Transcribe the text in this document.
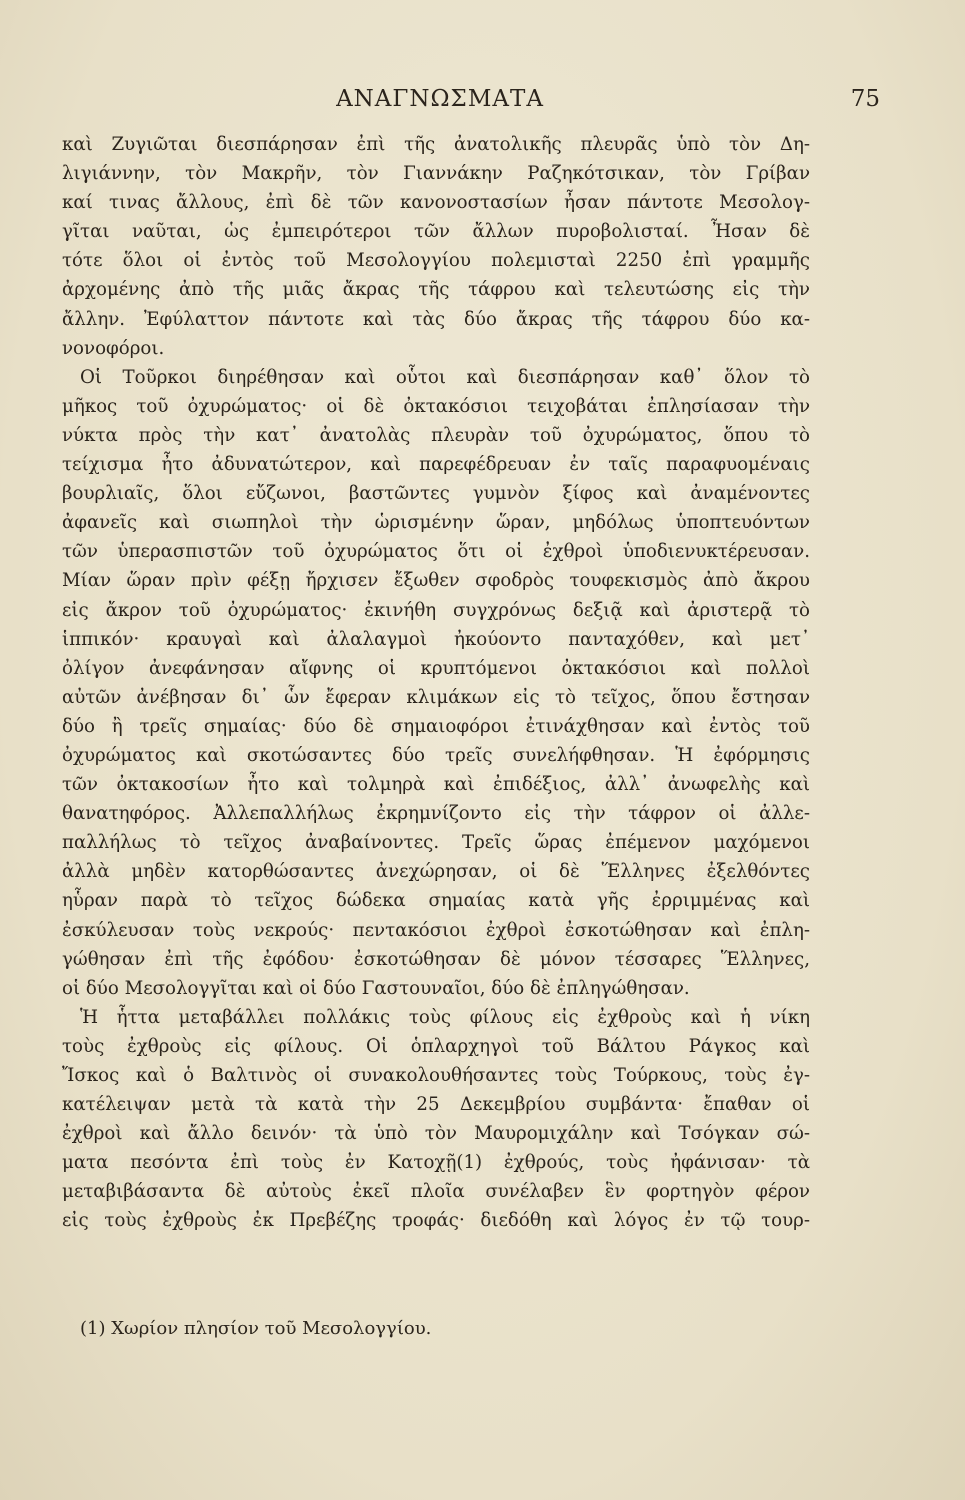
ΑΝΑΓΝΩΣΜΑΤΑ	75
καὶ Ζυγιῶται διεσπάρησαν ἐπὶ τῆς ἀνατολικῆς πλευρᾶς ὑπὸ τὸν Δη-
λιγιάννην, τὸν Μακρῆν, τὸν Γιαννάκην Ραζηκότσικαν, τὸν Γρίβαν
καί τινας ἄλλους, ἐπὶ δὲ τῶν κανονοστασίων ἦσαν πάντοτε Μεσολογ-
γῖται ναῦται, ὡς ἐμπειρότεροι τῶν ἄλλων πυροβολισταί. Ἦσαν δὲ
τότε ὅλοι οἱ ἐντὸς τοῦ Μεσολογγίου πολεμισταὶ 2250 ἐπὶ γραμμῆς
ἀρχομένης ἀπὸ τῆς μιᾶς ἄκρας τῆς τάφρου καὶ τελευτώσης εἰς τὴν
ἄλλην. Ἐφύλαττον πάντοτε καὶ τὰς δύο ἄκρας τῆς τάφρου δύο κα-
νονοφόροι.
Οἱ Τοῦρκοι διηρέθησαν καὶ οὗτοι καὶ διεσπάρησαν καθ᾽ ὅλον τὸ
μῆκος τοῦ ὀχυρώματος· οἱ δὲ ὀκτακόσιοι τειχοβάται ἐπλησίασαν τὴν
νύκτα πρὸς τὴν κατ᾽ ἀνατολὰς πλευρὰν τοῦ ὀχυρώματος, ὅπου τὸ
τείχισμα ἦτο ἀδυνατώτερον, καὶ παρεφέδρευαν ἐν ταῖς παραφυομέναις
βουρλιαῖς, ὅλοι εὔζωνοι, βαστῶντες γυμνὸν ξίφος καὶ ἀναμένοντες
ἀφανεῖς καὶ σιωπηλοὶ τὴν ὡρισμένην ὥραν, μηδόλως ὑποπτευόντων
τῶν ὑπερασπιστῶν τοῦ ὀχυρώματος ὅτι οἱ ἐχθροὶ ὑποδιενυκτέρευσαν.
Μίαν ὥραν πρὶν φέξῃ ἤρχισεν ἔξωθεν σφοδρὸς τουφεκισμὸς ἀπὸ ἄκρου
εἰς ἄκρον τοῦ ὀχυρώματος· ἐκινήθη συγχρόνως δεξιᾷ καὶ ἀριστερᾷ τὸ
ἱππικόν· κραυγαὶ καὶ ἀλαλαγμοὶ ἠκούοντο πανταχόθεν, καὶ μετ᾽
ὀλίγον ἀνεφάνησαν αἴφνης οἱ κρυπτόμενοι ὀκτακόσιοι καὶ πολλοὶ
αὐτῶν ἀνέβησαν δι᾽ ὧν ἔφεραν κλιμάκων εἰς τὸ τεῖχος, ὅπου ἔστησαν
δύο ἢ τρεῖς σημαίας· δύο δὲ σημαιοφόροι ἐτινάχθησαν καὶ ἐντὸς τοῦ
ὀχυρώματος καὶ σκοτώσαντες δύο τρεῖς συνελήφθησαν. Ἡ ἐφόρμησις
τῶν ὀκτακοσίων ἦτο καὶ τολμηρὰ καὶ ἐπιδέξιος, ἀλλ᾽ ἀνωφελὴς καὶ
θανατηφόρος. Ἀλλεπαλλήλως ἐκρημνίζοντο εἰς τὴν τάφρον οἱ ἀλλε-
παλλήλως τὸ τεῖχος ἀναβαίνοντες. Τρεῖς ὥρας ἐπέμενον μαχόμενοι
ἀλλὰ μηδὲν κατορθώσαντες ἀνεχώρησαν, οἱ δὲ Ἕλληνες ἐξελθόντες
ηὗραν παρὰ τὸ τεῖχος δώδεκα σημαίας κατὰ γῆς ἐρριμμένας καὶ
ἐσκύλευσαν τοὺς νεκρούς· πεντακόσιοι ἐχθροὶ ἐσκοτώθησαν καὶ ἐπλη-
γώθησαν ἐπὶ τῆς ἐφόδου· ἐσκοτώθησαν δὲ μόνον τέσσαρες Ἕλληνες,
οἱ δύο Μεσολογγῖται καὶ οἱ δύο Γαστουναῖοι, δύο δὲ ἐπληγώθησαν.
Ἡ ἧττα μεταβάλλει πολλάκις τοὺς φίλους εἰς ἐχθροὺς καὶ ἡ νίκη
τοὺς ἐχθροὺς εἰς φίλους. Οἱ ὁπλαρχηγοὶ τοῦ Βάλτου Ράγκος καὶ
Ἴσκος καὶ ὁ Βαλτινὸς οἱ συνακολουθήσαντες τοὺς Τούρκους, τοὺς ἐγ-
κατέλειψαν μετὰ τὰ κατὰ τὴν 25 Δεκεμβρίου συμβάντα· ἔπαθαν οἱ
ἐχθροὶ καὶ ἄλλο δεινόν· τὰ ὑπὸ τὸν Μαυρομιχάλην καὶ Τσόγκαν σώ-
ματα πεσόντα ἐπὶ τοὺς ἐν Κατοχῇ(1) ἐχθρούς, τοὺς ἠφάνισαν· τὰ
μεταβιβάσαντα δὲ αὐτοὺς ἐκεῖ πλοῖα συνέλαβεν ἓν φορτηγὸν φέρον
εἰς τοὺς ἐχθροὺς ἐκ Πρεβέζης τροφάς· διεδόθη καὶ λόγος ἐν τῷ τουρ-
(1) Χωρίον πλησίον τοῦ Μεσολογγίου.
